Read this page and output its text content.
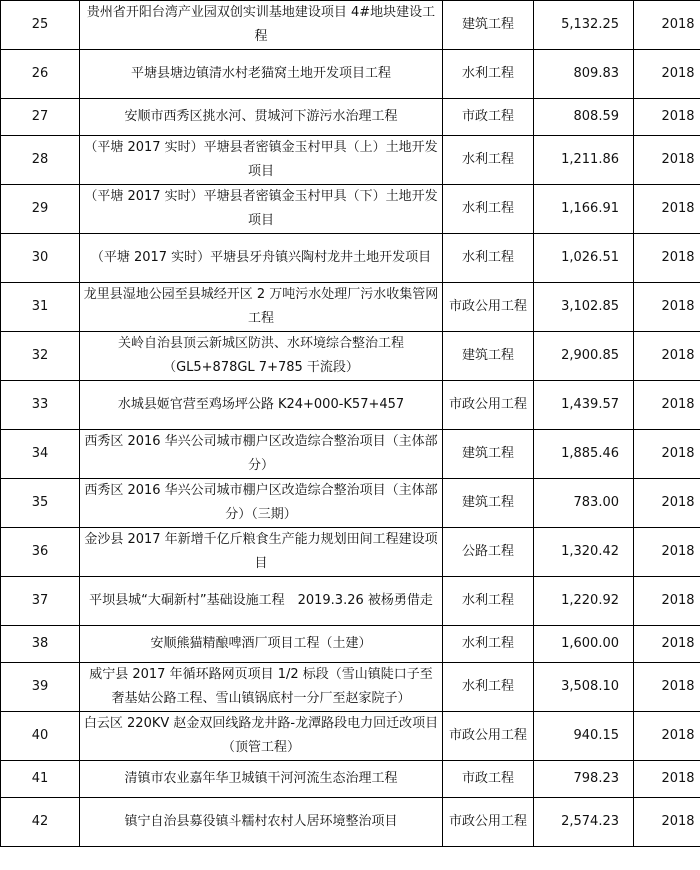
25	贵州省开阳台湾产业园双创实训基地建设项目 4#地块建设工程	建筑工程	5,132.25	2018
26	平塘县塘边镇清水村老猫窝土地开发项目工程	水利工程	809.83	2018
27	安顺市西秀区挑水河、贯城河下游污水治理工程	市政工程	808.59	2018
28	（平塘 2017 实时）平塘县者密镇金玉村甲具（上）土地开发项目	水利工程	1,211.86	2018
29	（平塘 2017 实时）平塘县者密镇金玉村甲具（下）土地开发项目	水利工程	1,166.91	2018
30	（平塘 2017 实时）平塘县牙舟镇兴陶村龙井土地开发项目	水利工程	1,026.51	2018
31	龙里县湿地公园至县城经开区 2 万吨污水处理厂污水收集管网工程	市政公用工程	3,102.85	2018
32	关岭自治县顶云新城区防洪、水环境综合整治工程（GL5+878GL 7+785 干流段）	建筑工程	2,900.85	2018
33	水城县姬官营至鸡场坪公路 K24+000-K57+457	市政公用工程	1,439.57	2018
34	西秀区 2016 华兴公司城市棚户区改造综合整治项目（主体部分）	建筑工程	1,885.46	2018
35	西秀区 2016 华兴公司城市棚户区改造综合整治项目（主体部分）（三期）	建筑工程	783.00	2018
36	金沙县 2017 年新增千亿斤粮食生产能力规划田间工程建设项目	公路工程	1,320.42	2018
37	平坝县城“大硐新村”基础设施工程　2019.3.26 被杨勇借走	水利工程	1,220.92	2018
38	安顺熊猫精酿啤酒厂项目工程（土建）	水利工程	1,600.00	2018
39	威宁县 2017 年循环路网页项目 1/2 标段（雪山镇陡口子至奢基姑公路工程、雪山镇锅底村一分厂至赵家院子）	水利工程	3,508.10	2018
40	白云区 220KV 赵金双回线路龙井路-龙潭路段电力回迁改项目（顶管工程）	市政公用工程	940.15	2018
41	清镇市农业嘉年华卫城镇干河河流生态治理工程	市政工程	798.23	2018
42	镇宁自治县募役镇斗糯村农村人居环境整治项目	市政公用工程	2,574.23	2018
